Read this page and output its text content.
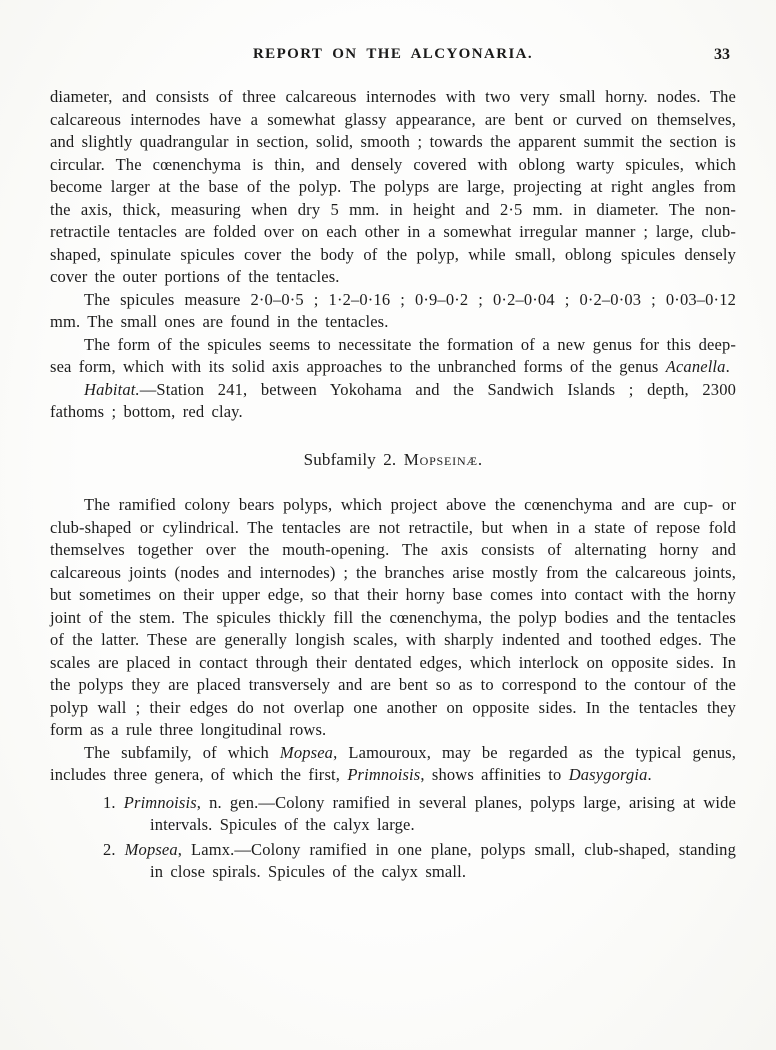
REPORT ON THE ALCYONARIA.	33

diameter, and consists of three calcareous internodes with two very small horny. nodes. The calcareous internodes have a somewhat glassy appearance, are bent or curved on themselves, and slightly quadrangular in section, solid, smooth ; towards the apparent summit the section is circular. The cœnenchyma is thin, and densely covered with oblong warty spicules, which become larger at the base of the polyp. The polyps are large, projecting at right angles from the axis, thick, measuring when dry 5 mm. in height and 2·5 mm. in diameter. The non-retractile tentacles are folded over on each other in a somewhat irregular manner ; large, club-shaped, spinulate spicules cover the body of the polyp, while small, oblong spicules densely cover the outer portions of the tentacles.

The spicules measure 2·0–0·5 ; 1·2–0·16 ; 0·9–0·2 ; 0·2–0·04 ; 0·2–0·03 ; 0·03–0·12 mm. The small ones are found in the tentacles.

The form of the spicules seems to necessitate the formation of a new genus for this deep-sea form, which with its solid axis approaches to the unbranched forms of the genus Acanella.

Habitat.—Station 241, between Yokohama and the Sandwich Islands ; depth, 2300 fathoms ; bottom, red clay.

Subfamily 2. Mopseinæ.

The ramified colony bears polyps, which project above the cœnenchyma and are cup- or club-shaped or cylindrical. The tentacles are not retractile, but when in a state of repose fold themselves together over the mouth-opening. The axis consists of alternating horny and calcareous joints (nodes and internodes) ; the branches arise mostly from the calcareous joints, but sometimes on their upper edge, so that their horny base comes into contact with the horny joint of the stem. The spicules thickly fill the cœnenchyma, the polyp bodies and the tentacles of the latter. These are generally longish scales, with sharply indented and toothed edges. The scales are placed in contact through their dentated edges, which interlock on opposite sides. In the polyps they are placed transversely and are bent so as to correspond to the contour of the polyp wall ; their edges do not overlap one another on opposite sides. In the tentacles they form as a rule three longitudinal rows.

The subfamily, of which Mopsea, Lamouroux, may be regarded as the typical genus, includes three genera, of which the first, Primnoisis, shows affinities to Dasygorgia.

1. Primnoisis, n. gen.—Colony ramified in several planes, polyps large, arising at wide intervals. Spicules of the calyx large.

2. Mopsea, Lamx.—Colony ramified in one plane, polyps small, club-shaped, standing in close spirals. Spicules of the calyx small.
